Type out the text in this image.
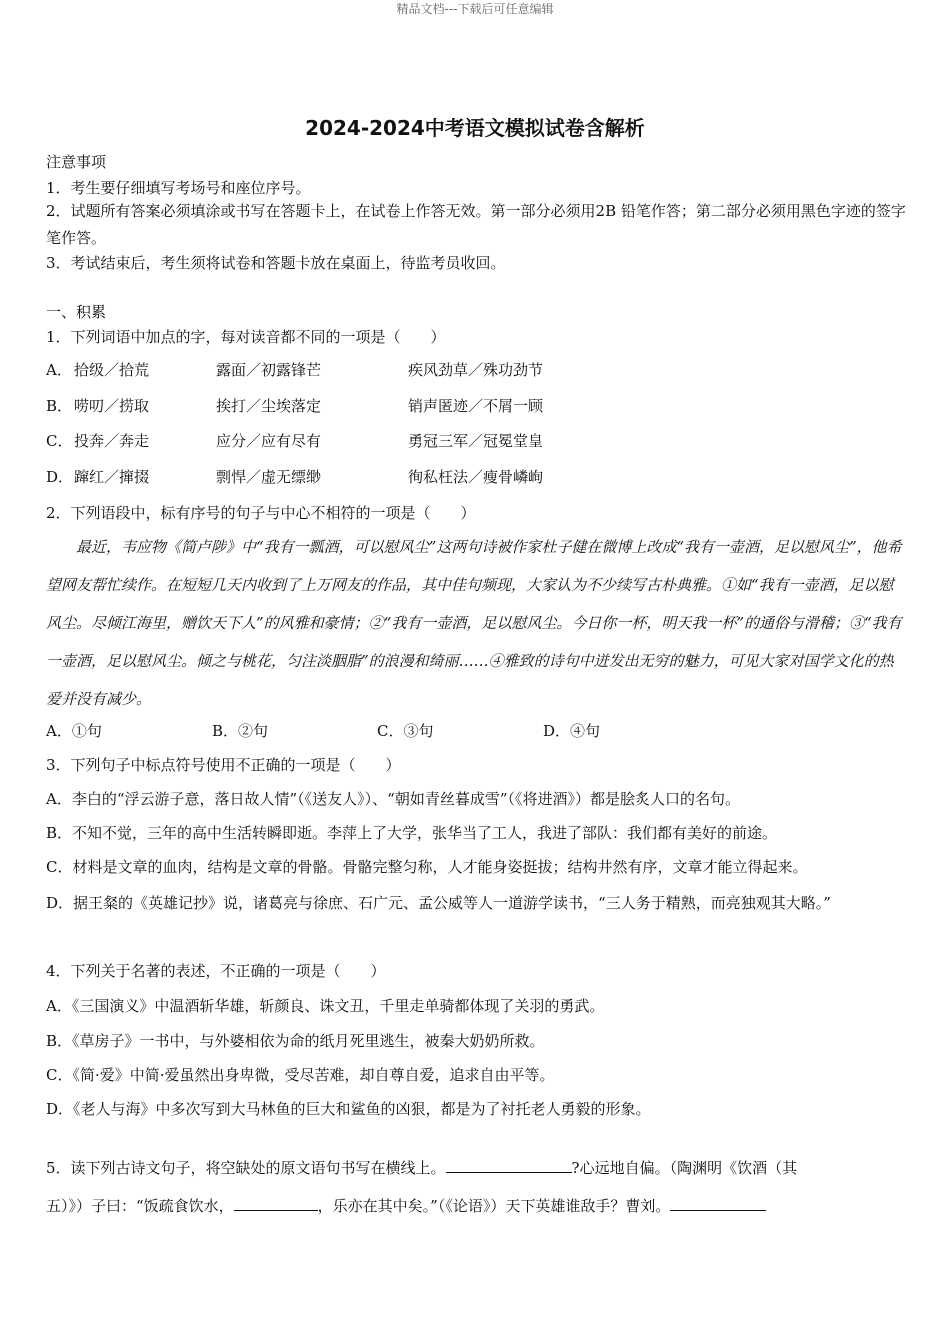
精品文档---下载后可任意编辑
2024-2024中考语文模拟试卷含解析
注意事项
1．考生要仔细填写考场号和座位序号。
2．试题所有答案必须填涂或书写在答题卡上，在试卷上作答无效。第一部分必须用2B 铅笔作答；第二部分必须用黑色字迹的签字笔作答。
3．考试结束后，考生须将试卷和答题卡放在桌面上，待监考员收回。
一、积累
1．下列词语中加点的字，每对读音都不同的一项是（　　）
A． 拾级／拾荒	露面／初露锋芒	疾风劲草／殊功劲节
B． 唠叨／捞取	挨打／尘埃落定	销声匿迹／不屑一顾
C． 投奔／奔走	应分／应有尽有	勇冠三军／冠冕堂皇
D． 蹿红／撺掇	剽悍／虚无缥缈	徇私枉法／瘦骨嶙峋
2．下列语段中，标有序号的句子与中心不相符的一项是（　　）
最近，韦应物《简卢陟》中“我有一瓢酒，可以慰风尘”这两句诗被作家杜子健在微博上改成“我有一壶酒，足以慰风尘”，他希望网友帮忙续作。在短短几天内收到了上万网友的作品，其中佳句频现，大家认为不少续写古朴典雅。①如“我有一壶酒，足以慰风尘。尽倾江海里，赠饮天下人”的风雅和豪情；②“我有一壶酒，足以慰风尘。今日你一杯，明天我一杯”的通俗与滑稽；③“我有一壶酒，足以慰风尘。倾之与桃花，匀注淡胭脂”的浪漫和绮丽……④雅致的诗句中迸发出无穷的魅力，可见大家对国学文化的热爱并没有减少。
A．①句	B．②句	C．③句	D．④句
3．下列句子中标点符号使用不正确的一项是（　　）
A．李白的“浮云游子意，落日故人情”（《送友人》）、“朝如青丝暮成雪”（《将进酒》）都是脍炙人口的名句。
B．不知不觉，三年的高中生活转瞬即逝。李萍上了大学，张华当了工人，我进了部队：我们都有美好的前途。
C．材料是文章的血肉，结构是文章的骨骼。骨骼完整匀称，人才能身姿挺拔；结构井然有序，文章才能立得起来。
D．据王粲的《英雄记抄》说，诸葛亮与徐庶、石广元、孟公威等人一道游学读书，“三人务于精熟，而亮独观其大略。”
4．下列关于名著的表述，不正确的一项是（　　）
A．《三国演义》中温酒斩华雄，斩颜良、诛文丑，千里走单骑都体现了关羽的勇武。
B．《草房子》一书中，与外婆相依为命的纸月死里逃生，被秦大奶奶所救。
C．《简·爱》中简·爱虽然出身卑微，受尽苦难，却自尊自爱，追求自由平等。
D．《老人与海》中多次写到大马林鱼的巨大和鲨鱼的凶狠，都是为了衬托老人勇毅的形象。
5．读下列古诗文句子，将空缺处的原文语句书写在横线上。	?心远地自偏。（陶渊明《饮酒（其
五）》）子曰：“饭疏食饮水，	，乐亦在其中矣。”（《论语》）天下英雄谁敌手？曹刘。
